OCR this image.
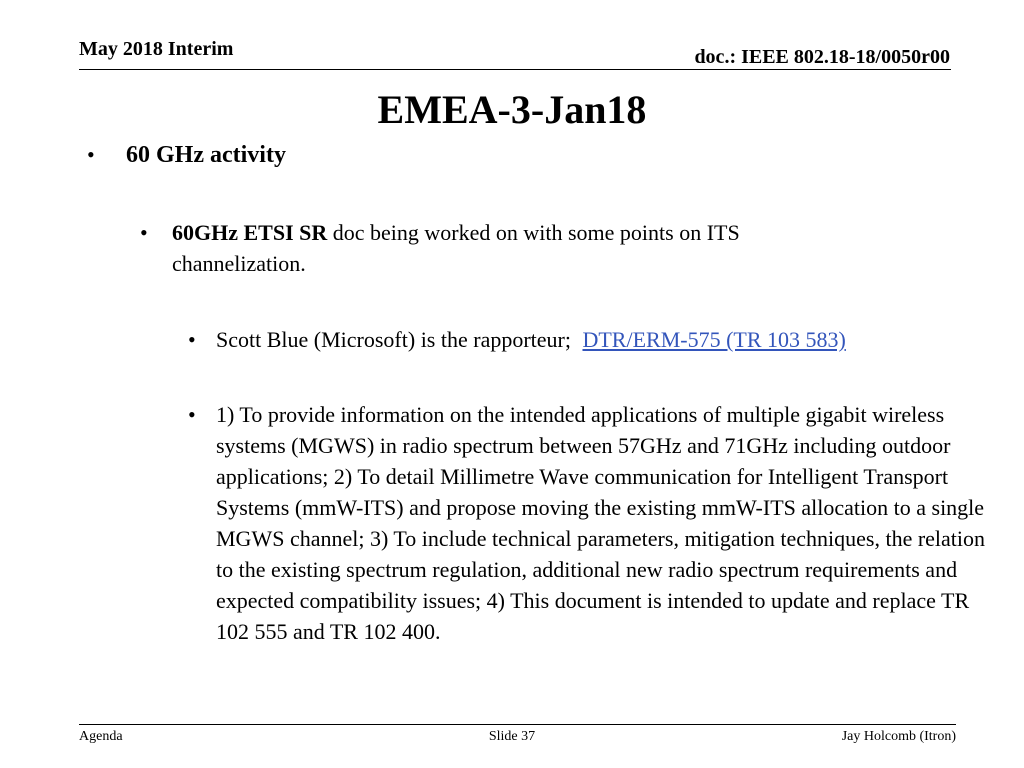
May 2018 Interim	doc.: IEEE 802.18-18/0050r00
EMEA-3-Jan18
• 60 GHz activity
• 60GHz ETSI SR doc being worked on with some points on ITS channelization.
• Scott Blue (Microsoft) is the rapporteur; DTR/ERM-575 (TR 103 583)
• 1) To provide information on the intended applications of multiple gigabit wireless systems (MGWS) in radio spectrum between 57GHz and 71GHz including outdoor applications; 2) To detail Millimetre Wave communication for Intelligent Transport Systems (mmW-ITS) and propose moving the existing mmW-ITS allocation to a single MGWS channel; 3) To include technical parameters, mitigation techniques, the relation to the existing spectrum regulation, additional new radio spectrum requirements and expected compatibility issues; 4) This document is intended to update and replace TR 102 555 and TR 102 400.
Agenda	Slide 37	Jay Holcomb (Itron)
